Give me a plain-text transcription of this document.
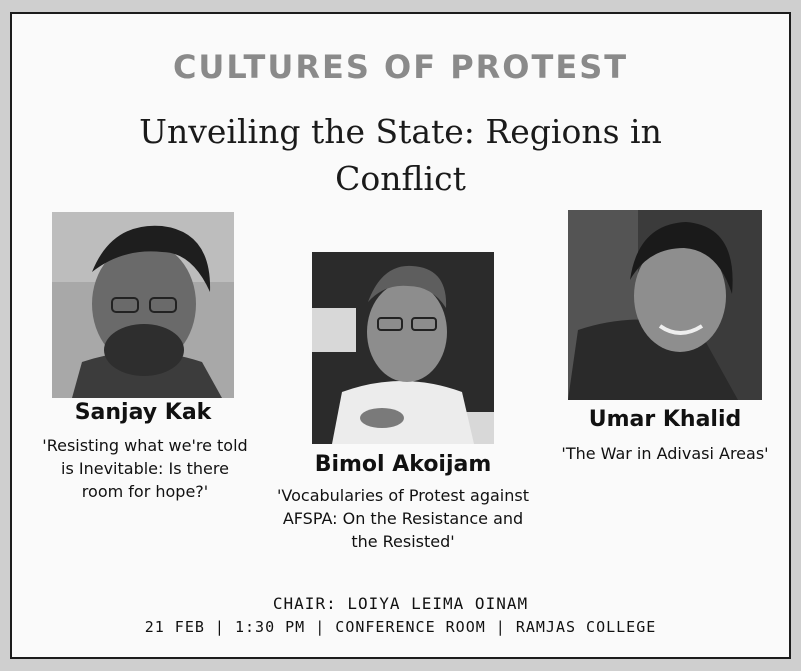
CULTURES OF PROTEST
Unveiling the State: Regions in Conflict
Sanjay Kak
'Resisting what we're told is Inevitable: Is there room for hope?'
Bimol Akoijam
'Vocabularies of Protest against AFSPA: On the Resistance and the Resisted'
Umar Khalid
'The War in Adivasi Areas'
CHAIR: LOIYA LEIMA OINAM
21 FEB | 1:30 PM | CONFERENCE ROOM | RAMJAS COLLEGE
